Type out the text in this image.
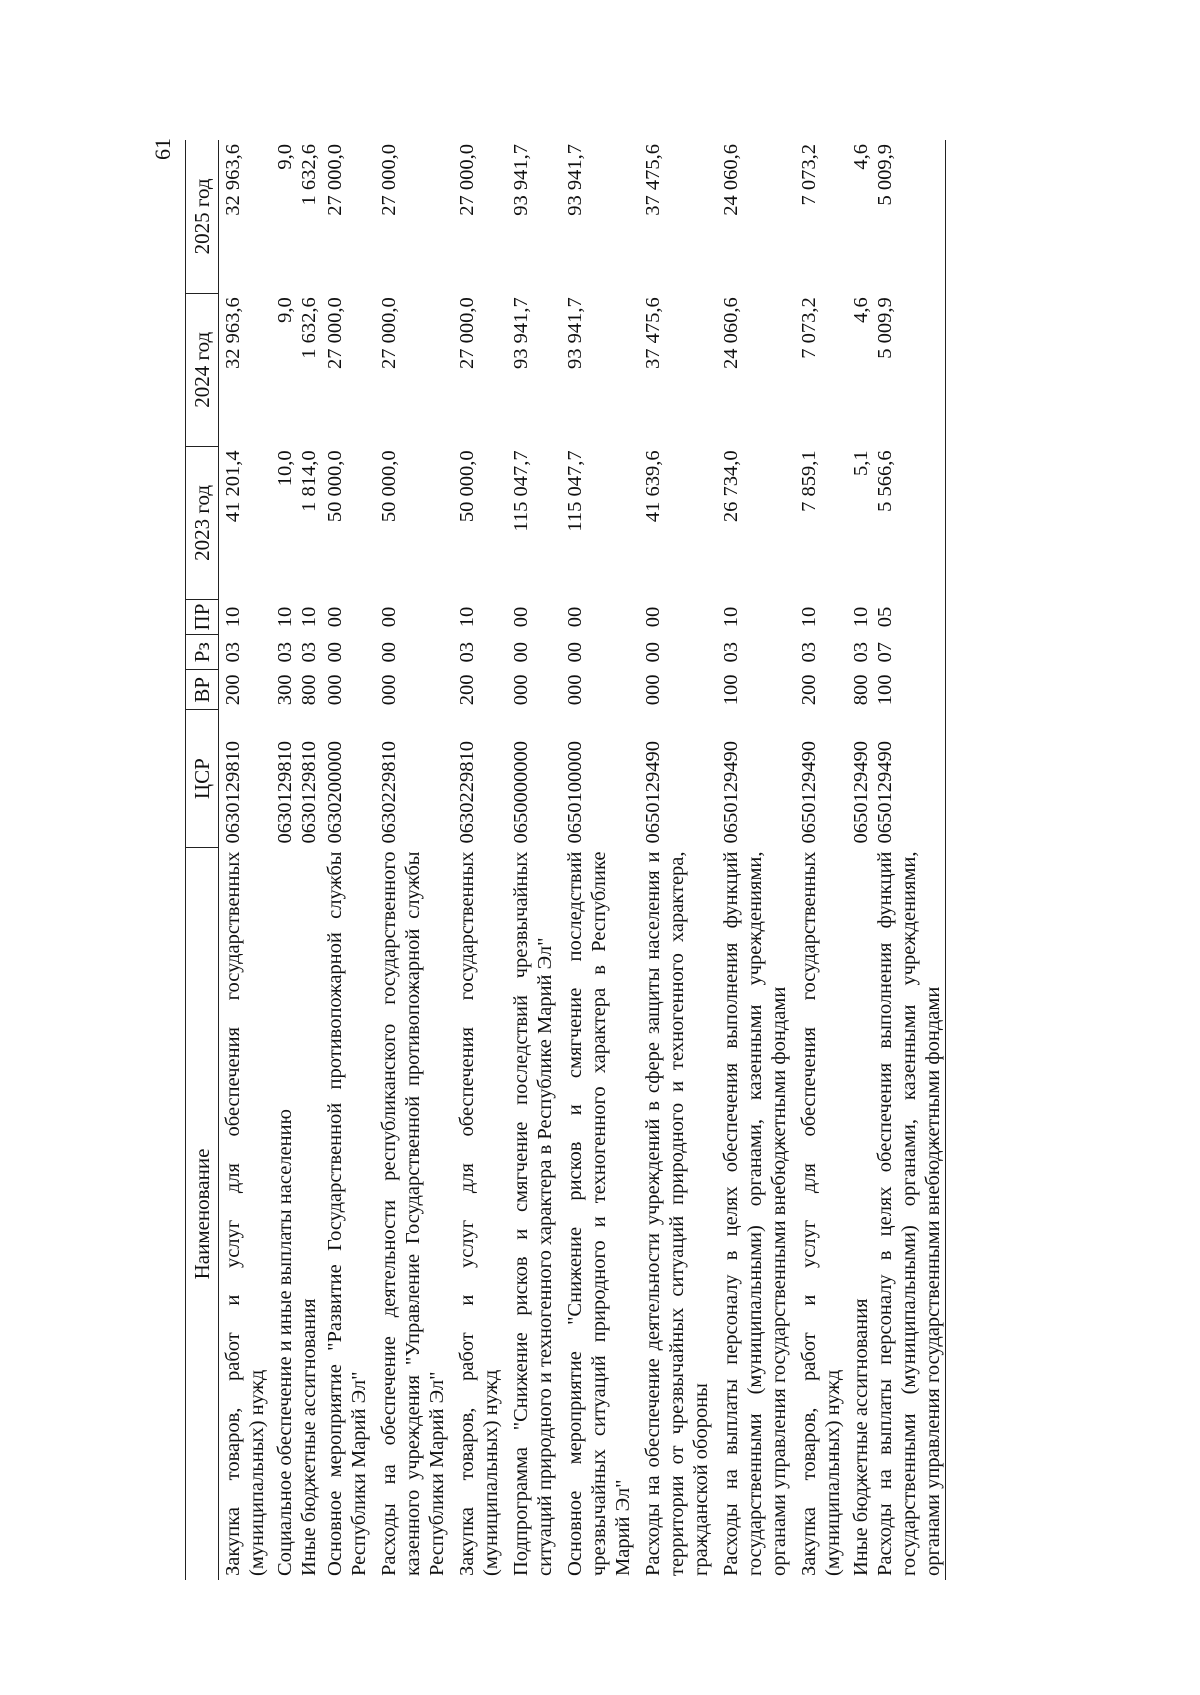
61
Наименование	ЦСР	ВР	Рз	ПР	2023 год	2024 год	2025 год
Закупка товаров, работ и услуг для обеспечения государственных (муниципальных) нужд	0630129810	200	03	10	41 201,4	32 963,6	32 963,6
Социальное обеспечение и иные выплаты населению	0630129810	300	03	10	10,0	9,0	9,0
Иные бюджетные ассигнования	0630129810	800	03	10	1 814,0	1 632,6	1 632,6
Основное мероприятие "Развитие Государственной противопожарной службы Республики Марий Эл"	0630200000	000	00	00	50 000,0	27 000,0	27 000,0
Расходы на обеспечение деятельности республиканского государственного казенного учреждения "Управление Государственной противопожарной службы Республики Марий Эл"	0630229810	000	00	00	50 000,0	27 000,0	27 000,0
Закупка товаров, работ и услуг для обеспечения государственных (муниципальных) нужд	0630229810	200	03	10	50 000,0	27 000,0	27 000,0
Подпрограмма "Снижение рисков и смягчение последствий чрезвычайных ситуаций природного и техногенного характера в Республике Марий Эл"	0650000000	000	00	00	115 047,7	93 941,7	93 941,7
Основное мероприятие "Снижение рисков и смягчение последствий чрезвычайных ситуаций природного и техногенного характера в Республике Марий Эл"	0650100000	000	00	00	115 047,7	93 941,7	93 941,7
Расходы на обеспечение деятельности учреждений в сфере защиты населения и территории от чрезвычайных ситуаций природного и техногенного характера, гражданской обороны	0650129490	000	00	00	41 639,6	37 475,6	37 475,6
Расходы на выплаты персоналу в целях обеспечения выполнения функций государственными (муниципальными) органами, казенными учреждениями, органами управления государственными внебюджетными фондами	0650129490	100	03	10	26 734,0	24 060,6	24 060,6
Закупка товаров, работ и услуг для обеспечения государственных (муниципальных) нужд	0650129490	200	03	10	7 859,1	7 073,2	7 073,2
Иные бюджетные ассигнования	0650129490	800	03	10	5,1	4,6	4,6
Расходы на выплаты персоналу в целях обеспечения выполнения функций государственными (муниципальными) органами, казенными учреждениями, органами управления государственными внебюджетными фондами	0650129490	100	07	05	5 566,6	5 009,9	5 009,9
